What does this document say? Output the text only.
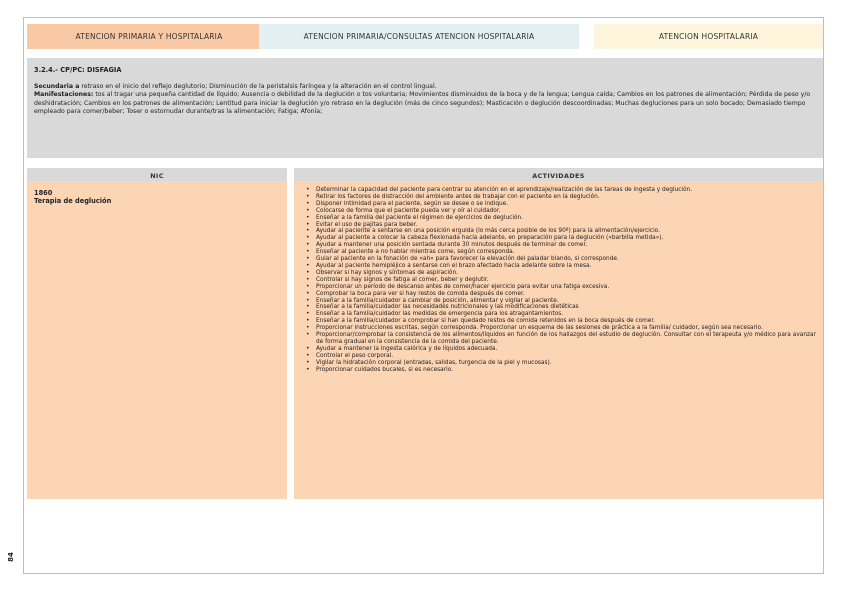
ATENCION PRIMARIA Y HOSPITALARIA	ATENCION PRIMARIA/CONSULTAS ATENCION HOSPITALARIA	ATENCION HOSPITALARIA
3.2.4.- CP/PC: DISFAGIA

Secundaria a retraso en el inicio del reflejo deglutorio; Disminución de la peristalsis faríngea y la alteración en el control lingual.
Manifestaciones: tos al tragar una pequeña cantidad de líquido; Ausencia o debilidad de la deglución o tos voluntaria; Movimientos disminuidos de la boca y de la lengua; Lengua caída; Cambios en los patrones de alimentación; Pérdida de peso y/o deshidratación; Cambios en los patrones de alimentación; Lentitud para iniciar la deglución y/o retraso en la deglución (más de cinco segundos); Masticación o deglución descoordinadas; Muchas degluciones para un solo bocado; Demasiado tiempo empleado para comer/beber; Toser o estornudar durante/tras la alimentación; Fatiga; Afonía;

NIC	ACTIVIDADES
1860
Terapia de deglución
• Determinar la capacidad del paciente para centrar su atención en el aprendizaje/realización de las tareas de ingesta y deglución.
• Retirar los factores de distracción del ambiente antes de trabajar con el paciente en la deglución.
• Disponer intimidad para el paciente, según se desee o se indique.
• Colocarse de forma que el paciente pueda ver y oír al cuidador.
• Enseñar a la familia del paciente el régimen de ejercicios de deglución.
• Evitar el uso de pajitas para beber.
• Ayudar al paciente a sentarse en una posición erguida (lo más cerca posible de los 90º) para la alimentación/ejercicio.
• Ayudar al paciente a colocar la cabeza flexionada hacia adelante, en preparación para la deglución («barbilla metida»).
• Ayudar a mantener una posición sentada durante 30 minutos después de terminar de comer.
• Enseñar al paciente a no hablar mientras come, según corresponda.
• Guiar al paciente en la fonación de «ah» para favorecer la elevación del paladar blando, si corresponde.
• Ayudar al paciente hemipléjico a sentarse con el brazo afectado hacia adelante sobre la mesa.
• Observar si hay signos y síntomas de aspiración.
• Controlar si hay signos de fatiga al comer, beber y deglutir.
• Proporcionar un período de descanso antes de comer/hacer ejercicio para evitar una fatiga excesiva.
• Comprobar la boca para ver si hay restos de comida después de comer.
• Enseñar a la familia/cuidador a cambiar de posición, alimentar y vigilar al paciente.
• Enseñar a la familia/cuidador las necesidades nutricionales y las modificaciones dietéticas
• Enseñar a la familia/cuidador las medidas de emergencia para los atragantamientos.
• Enseñar a la familia/cuidador a comprobar si han quedado restos de comida retenidos en la boca después de comer.
• Proporcionar instrucciones escritas, según corresponda. Proporcionar un esquema de las sesiones de práctica a la familia/ cuidador, según sea necesario.
• Proporcionar/comprobar la consistencia de los alimentos/líquidos en función de los hallazgos del estudio de deglución. Consultar con el terapeuta y/o médico para avanzar de forma gradual en la consistencia de la comida del paciente.
• Ayudar a mantener la ingesta calórica y de líquidos adecuada.
• Controlar el peso corporal.
• Vigilar la hidratación corporal (entradas, salidas, turgencia de la piel y mucosas).
• Proporcionar cuidados bucales, si es necesario.
84
